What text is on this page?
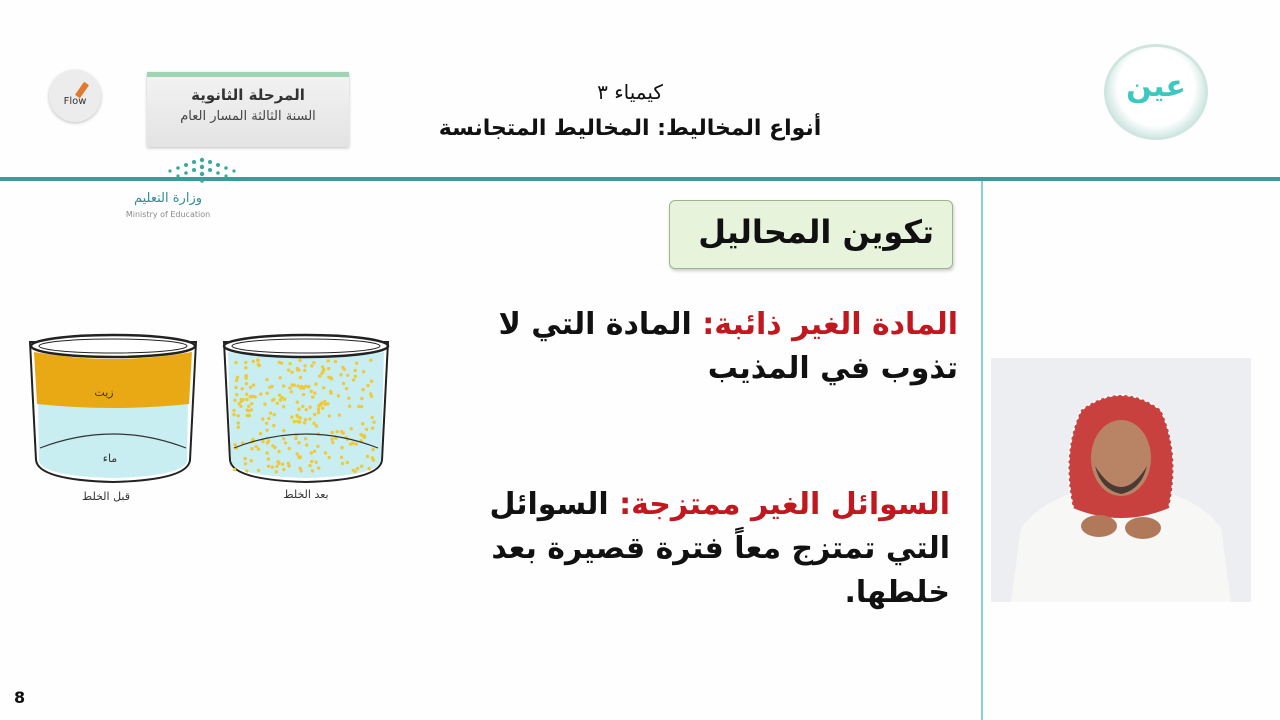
Flow	المرحلة الثانوية
السنة الثالثة المسار العام
وزارة التعليم
Ministry of Education
كيمياء ٣
أنواع المخاليط: المخاليط المتجانسة
عين
تكوين المحاليل
المادة الغير ذائبة: المادة التي لا تذوب في المذيب
السوائل الغير ممتزجة: السوائل التي تمتزج معاً فترة قصيرة بعد خلطها.
زيت
ماء
قبل الخلط	بعد الخلط
8
